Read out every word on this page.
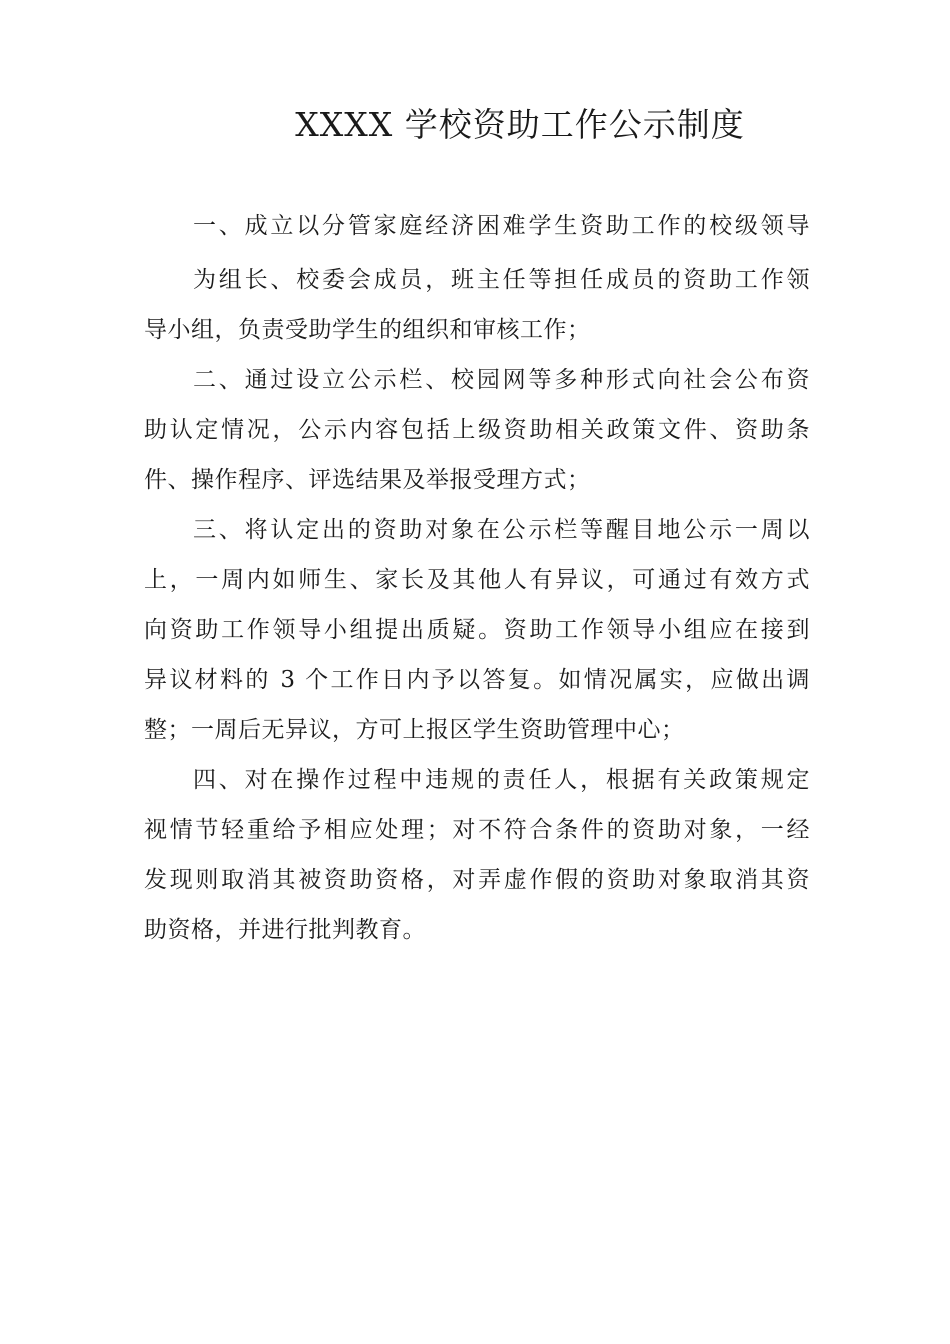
XXXX 学校资助工作公示制度
一、成立以分管家庭经济困难学生资助工作的校级领导
为组长、校委会成员，班主任等担任成员的资助工作领
导小组，负责受助学生的组织和审核工作；
二、通过设立公示栏、校园网等多种形式向社会公布资
助认定情况，公示内容包括上级资助相关政策文件、资助条
件、操作程序、评选结果及举报受理方式；
三、将认定出的资助对象在公示栏等醒目地公示一周以
上，一周内如师生、家长及其他人有异议，可通过有效方式
向资助工作领导小组提出质疑。资助工作领导小组应在接到
异议材料的 3 个工作日内予以答复。如情况属实，应做出调
整；一周后无异议，方可上报区学生资助管理中心；
四、对在操作过程中违规的责任人，根据有关政策规定
视情节轻重给予相应处理；对不符合条件的资助对象，一经
发现则取消其被资助资格，对弄虚作假的资助对象取消其资
助资格，并进行批判教育。
